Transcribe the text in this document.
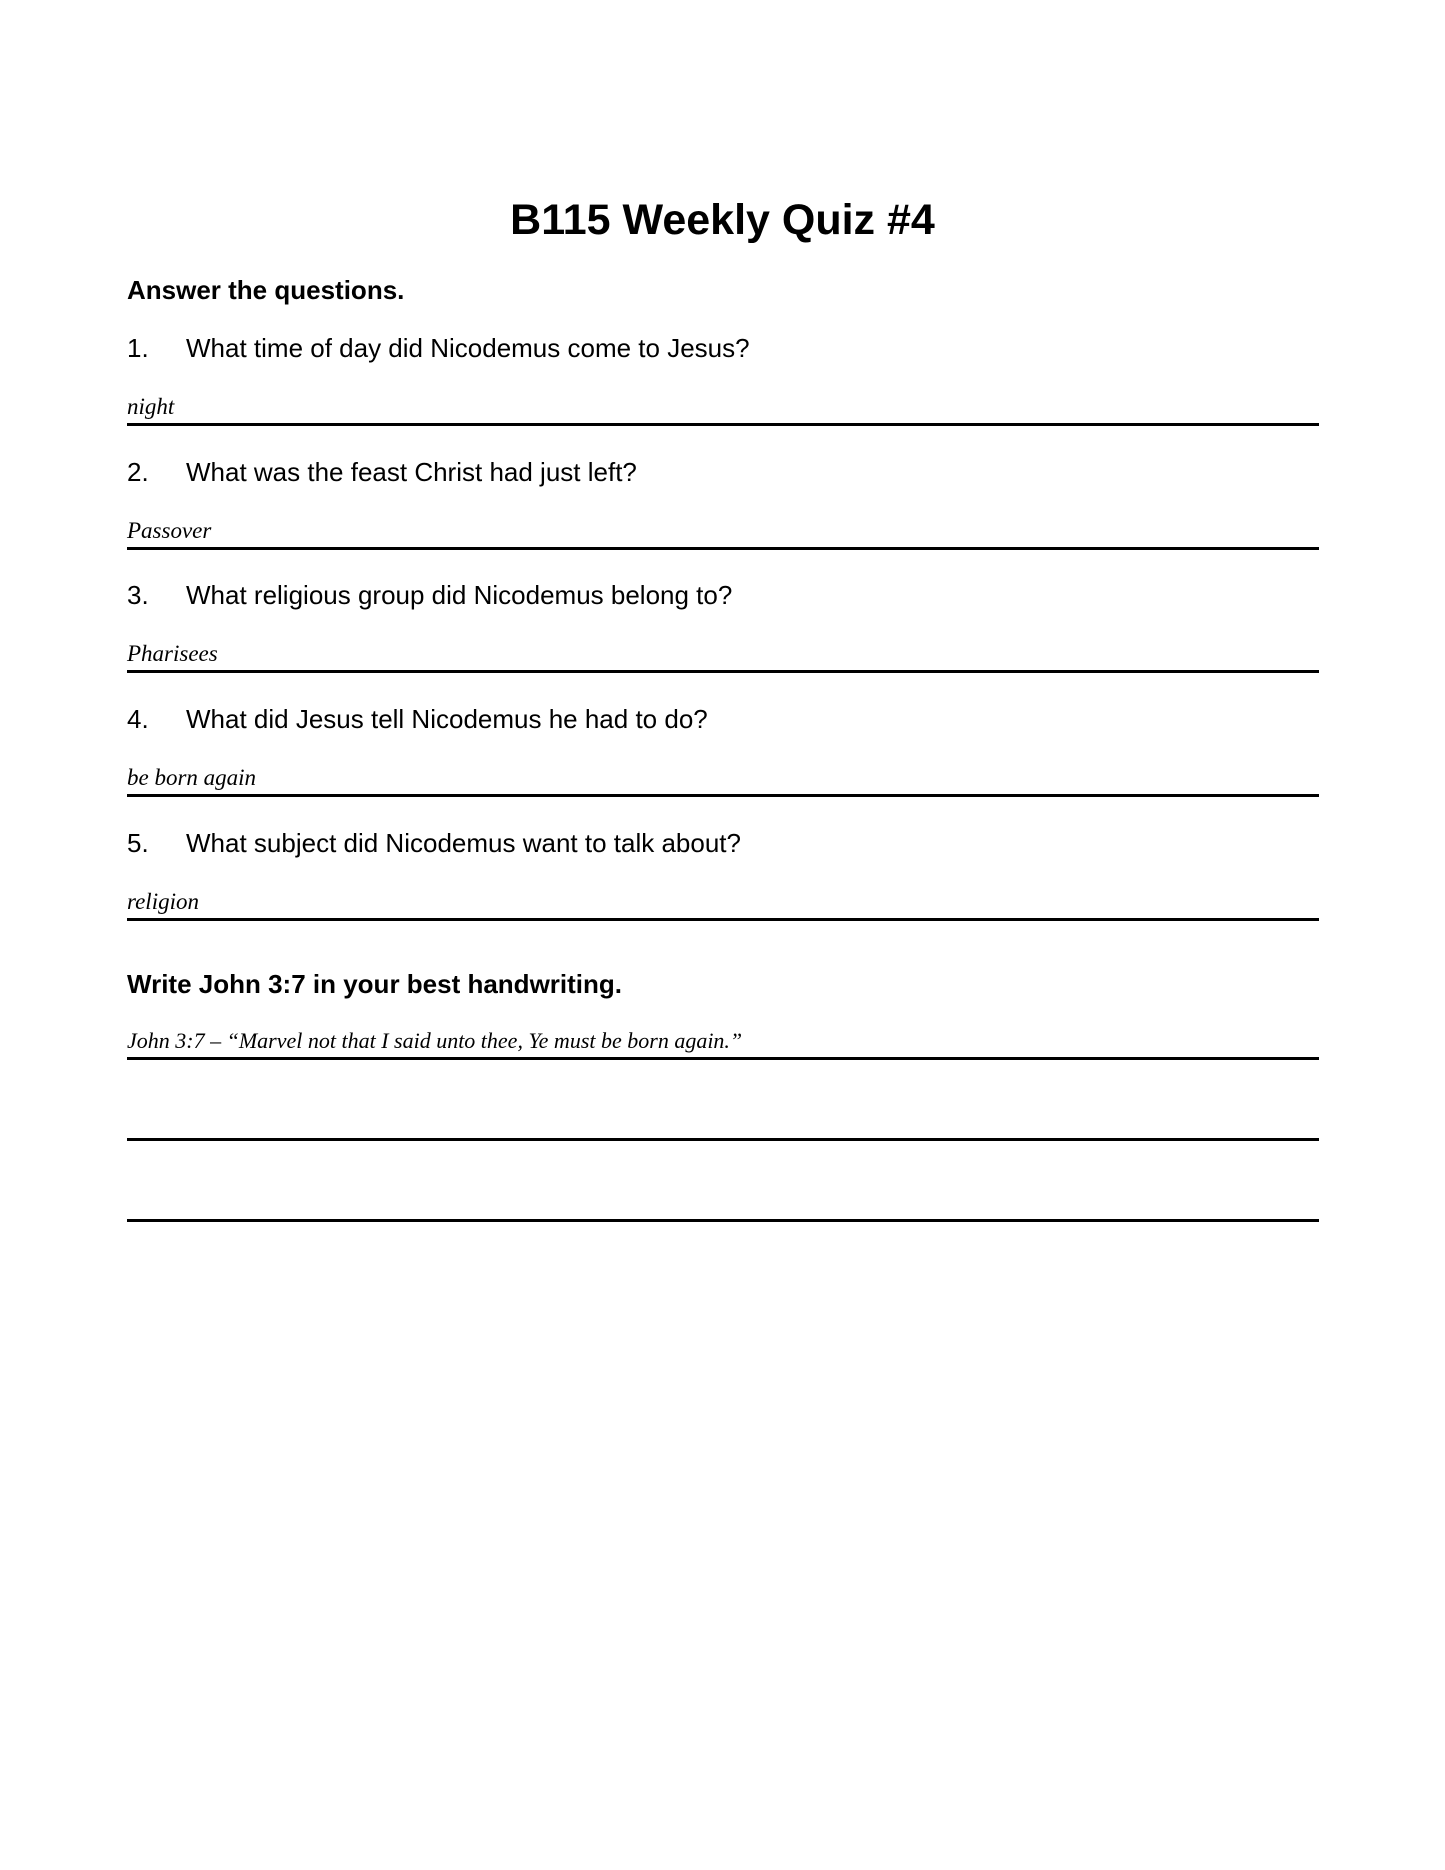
B115 Weekly Quiz #4

Answer the questions.

1. What time of day did Nicodemus come to Jesus?
night
2. What was the feast Christ had just left?
Passover
3. What religious group did Nicodemus belong to?
Pharisees
4. What did Jesus tell Nicodemus he had to do?
be born again
5. What subject did Nicodemus want to talk about?
religion

Write John 3:7 in your best handwriting.

John 3:7 – “Marvel not that I said unto thee, Ye must be born again.”
